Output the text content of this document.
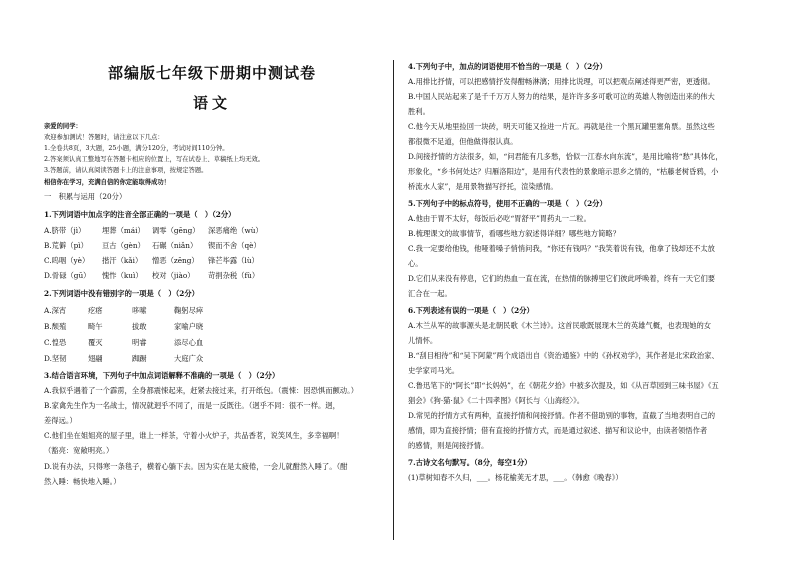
部编版七年级下册期中测试卷
语文
亲爱的同学：
欢迎参加测试！答题时，请注意以下几点：
1.全卷共8页，3大题，25小题，满分120分，考试时间110分钟。
2.答案须认真工整地写在答题卡相应的位置上，写在试卷上、草稿纸上均无效。
3.答题前，请认真阅读答题卡上的注意事项，按规定答题。
相信你在学习，充满自信的你定能取得成功！
一　积累与运用（20分）
1.下列词语中加点字的注音全部正确的一项是（　）（2分）
A.脐带（jì） 埋葬（mái） 调零（gēng） 深恶痛绝（wù）
B.荒僻（pì） 亘古（gèn） 石碾（niǎn） 锲而不舍（qè）
C.呜咽（yè） 揩汗（kǎi） 憎恶（zēng） 锋芒毕露（lù）
D.骨碌（gū） 愧怍（kuì） 校对（jiào） 苛捐杂税（fù）
2.下列词语中没有错别字的一项是（　）（2分）
A.深宵	疙瘩	哆嗦	鞠躬尽瘁
B.颓殖	畸午	拔敢	家喻户晓
C.惶恐	覆灭	明睿	添尽心血
D.坚韧	翅翮	踟蹰	大庭广众
3.结合语言环境，下列句子中加点词语解释不准确的一项是（　）（2分）
A.我似乎遇着了一个霹雳，全身都震悚起来，赶紧去接过来，打开纸包。（震悚：因恐惧而颤动。）
B.家禽先生作为一名战士，情况就迥乎不同了，而是一反既往。（迥乎不同：很不一样。迥，
差得远。）
C.他们坐在姐姐亮的屋子里，谁上一样茶，守着小火炉子，共品香茗，说笑风生，多幸福啊！
（豁亮：宽敞明亮。）
D.说有办法，只得寒一条毯子，横着心躺下去。因为实在是太疲倦，一会儿就酣然入睡了。（酣
然入睡：畅快地入睡。）
4.下列句子中，加点的词语使用不恰当的一项是（　）（2分）
A.用排比抒情，可以把感情抒发得酣畅淋漓；用排比说理，可以把观点阐述得更严密，更透彻。
B.中国人民站起来了是千千万万人努力的结果，是许许多多可歌可泣的英雄人物创造出来的伟大
胜利。
C.他今天从地里捡回一块砖，明天可能又捡进一片瓦。再就是往一个黑瓦罐里塞角票。虽然这些
都很微不足道，但他做得很认真。
D.间接抒情的方法很多，如，“问君能有几多愁，恰似一江春水向东流”，是用比喻将“愁”具体化，
形象化，“乡书何处达？归雁洛阳边”，是用有代表性的景象暗示思乡之情的，“枯藤老树昏鸦，小
桥流水人家”，是用景物描写抒托，渲染感情。
5.下列句子中的标点符号，使用不正确的一项是（　）（2分）
A.他由于胃不太好，每饭后必吃“胃舒平”胃药丸一二粒。
B.梳理课文的故事情节，看哪些地方叙述得详细？哪些地方简略？
C.我一定要给他钱，他哑着嗓子悄悄问我，“你还有钱吗？”我笑着说有钱，他拿了钱却还不太放
心。
D.它们从来没有停息，它们的热血一直在流，在热情的脉搏里它们彼此呼唤着，终有一天它们要
汇合在一起。
6.下列表述有误的一项是（　）（2分）
A.木兰从军的故事源头是北朝民歌《木兰诗》。这首民歌既展现木兰的英雄气概，也表现她的女
儿情怀。
B.“刮目相待”和“吴下阿蒙”两个成语出自《资治通鉴》中的《孙权劝学》，其作者是北宋政治家、
史学家司马光。
C.鲁迅笔下的“阿长”即“长妈妈”，在《朝花夕拾》中被多次提及，如《从百草园到三味书屋》《五
猖会》《狗·猫·鼠》《二十四孝图》《阿长与〈山海经〉》。
D.常见的抒情方式有两种，直接抒情和间接抒情。作者不借助别的事物，直截了当地表明自己的
感情，即为直接抒情；借有直接的抒情方式，而是通过叙述、描写和议论中，由读者领悟作者
的感情，则是间接抒情。
7.古诗文名句默写。（8分，每空1分）
(1)草树知春不久归，___。杨花榆荚无才思，___。（韩愈《晚春》）
